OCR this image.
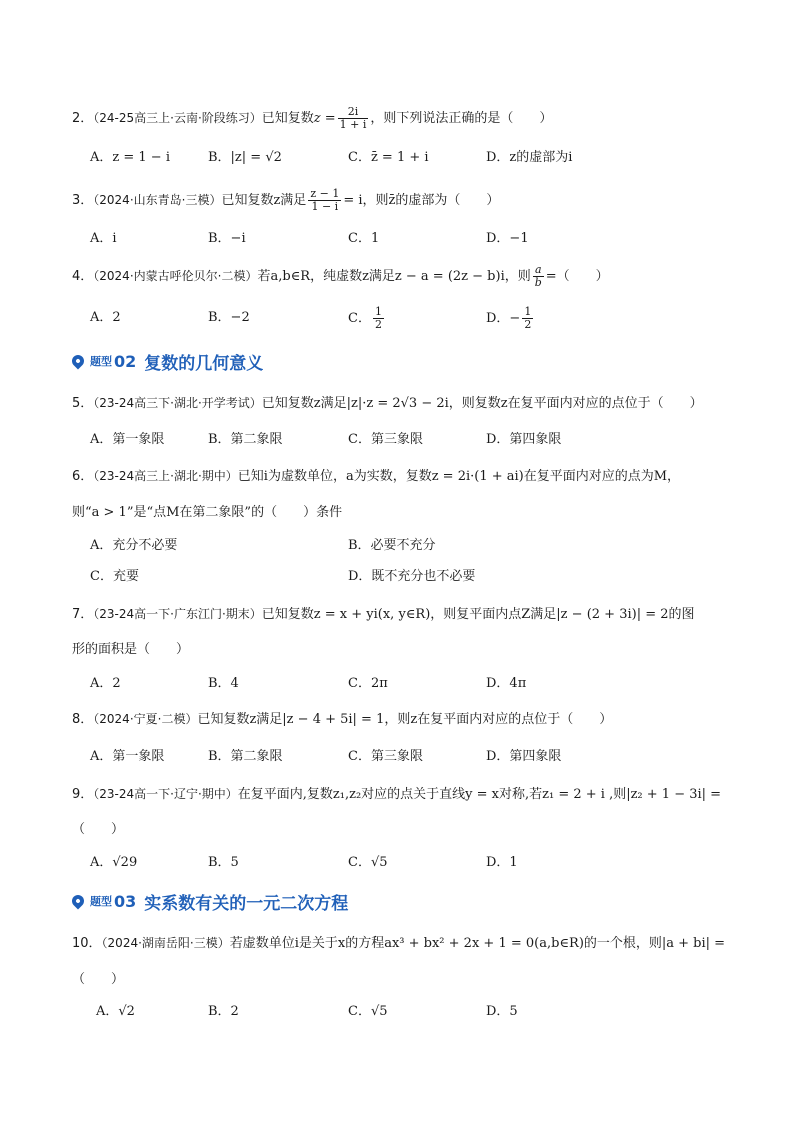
2．（24-25高三上·云南·阶段练习）已知复数$z = \frac{2i}{1 + i}$ ，则下列说法正确的是（　　）
A．z = 1 − i	B．|z| = √2	C．z̄ = 1 + i	D．z的虚部为i
3．（2024·山东青岛·三模）已知复数z满足 $\frac{z - 1}{1 - i} = i$，则z̄的虚部为（　　）
A．i	B．−i	C．1	D．−1
4．（2024·内蒙古呼伦贝尔·二模）若a,b∈R，纯虚数z满足z − a = (2z − b)i，则 $\frac{a}{b}$ =（　　）
A．2	B．−2	C． $\frac{1}{2}$	D．− $\frac{1}{2}$
题型 02 复数的几何意义
5．（23-24高三下·湖北·开学考试）已知复数z满足|z|·z = 2√3 − 2i，则复数z在复平面内对应的点位于（　　）
A．第一象限	B．第二象限	C．第三象限	D．第四象限
6．（23-24高三上·湖北·期中）已知i为虚数单位，a为实数，复数z = 2i·(1 + ai)在复平面内对应的点为M，
则“a > 1”是“点M在第二象限”的（　　）条件
A．充分不必要	B．必要不充分
C．充要	D．既不充分也不必要
7．（23-24高一下·广东江门·期末）已知复数z = x + yi(x, y∈R)，则复平面内点Z满足|z − (2 + 3i)| = 2的图
形的面积是（　　）
A．2	B．4	C．2π	D．4π
8．（2024·宁夏·二模）已知复数z满足|z − 4 + 5i| = 1，则z在复平面内对应的点位于（　　）
A．第一象限	B．第二象限	C．第三象限	D．第四象限
9．（23-24高一下·辽宁·期中）在复平面内,复数z₁,z₂对应的点关于直线y = x对称,若z₁ = 2 + i ,则|z₂ + 1 − 3i| =
（　　）
A．√29	B．5	C．√5	D．1
题型 03 实系数有关的一元二次方程
10．（2024·湖南岳阳·三模）若虚数单位i是关于x的方程ax³ + bx² + 2x + 1 = 0(a,b∈R)的一个根，则|a + bi| =
（　　）
A．√2	B．2	C．√5	D．5
